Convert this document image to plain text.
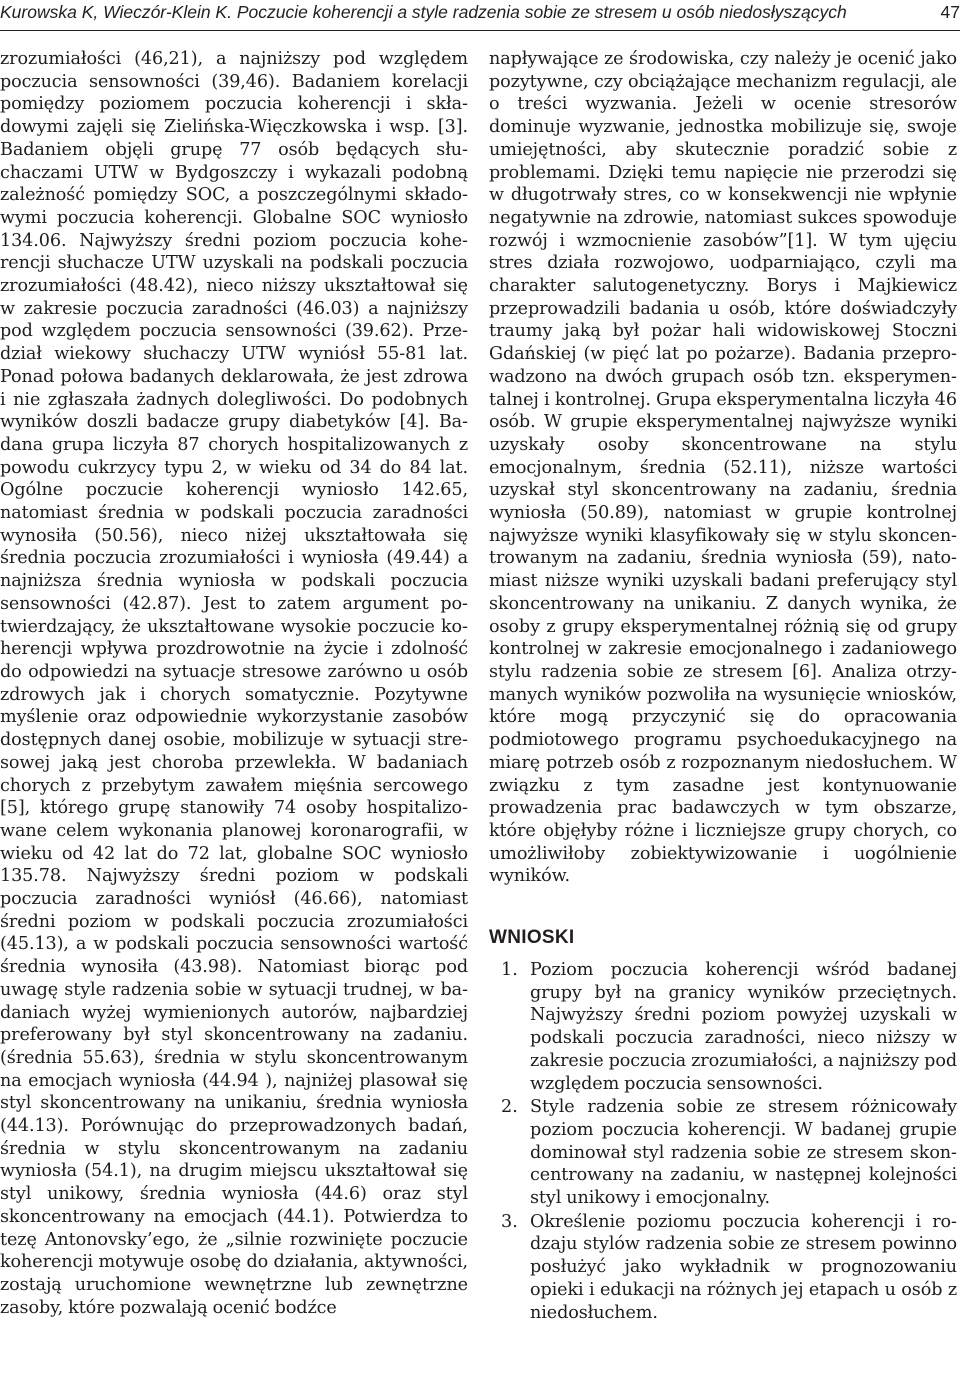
Kurowska K, Wieczór-Klein K. Poczucie koherencji a style radzenia sobie ze stresem u osób niedosłyszących	47

zrozumiałości (46,21), a najniższy pod względem poczucia sensowności (39,46). Badaniem korelacji pomiędzy poziomem poczucia koherencji i składowymi zajęli się Zielińska-Więczkowska i wsp. [3]. Badaniem objęli grupę 77 osób będących słuchaczami UTW w Bydgoszczy i wykazali podobną zależność pomiędzy SOC, a poszczególnymi składowymi poczucia koherencji. Globalne SOC wyniosło 134.06. Najwyższy średni poziom poczucia koherencji słuchacze UTW uzyskali na podskali poczucia zrozumiałości (48.42), nieco niższy ukształtował się w zakresie poczucia zaradności (46.03) a najniższy pod względem poczucia sensowności (39.62). Przedział wiekowy słuchaczy UTW wyniósł 55-81 lat. Ponad połowa badanych deklarowała, że jest zdrowa i nie zgłaszała żadnych dolegliwości. Do podobnych wyników doszli badacze grupy diabetyków [4]. Badana grupa liczyła 87 chorych hospitalizowanych z powodu cukrzycy typu 2, w wieku od 34 do 84 lat. Ogólne poczucie koherencji wyniosło 142.65, natomiast średnia w podskali poczucia zaradności wynosiła (50.56), nieco niżej ukształtowała się średnia poczucia zrozumiałości i wyniosła (49.44) a najniższa średnia wyniosła w podskali poczucia sensowności (42.87). Jest to zatem argument potwierdzający, że ukształtowane wysokie poczucie koherencji wpływa prozdrowotnie na życie i zdolność do odpowiedzi na sytuacje stresowe zarówno u osób zdrowych jak i chorych somatycznie. Pozytywne myślenie oraz odpowiednie wykorzystanie zasobów dostępnych danej osobie, mobilizuje w sytuacji stresowej jaką jest choroba przewlekła. W badaniach chorych z przebytym zawałem mięśnia sercowego [5], którego grupę stanowiły 74 osoby hospitalizowane celem wykonania planowej koronarografii, w wieku od 42 lat do 72 lat, globalne SOC wyniosło 135.78. Najwyższy średni poziom w podskali poczucia zaradności wyniósł (46.66), natomiast średni poziom w podskali poczucia zrozumiałości (45.13), a w podskali poczucia sensowności wartość średnia wynosiła (43.98). Natomiast biorąc pod uwagę style radzenia sobie w sytuacji trudnej, w badaniach wyżej wymienionych autorów, najbardziej preferowany był styl skoncentrowany na zadaniu. (średnia 55.63), średnia w stylu skoncentrowanym na emocjach wyniosła (44.94 ), najniżej plasował się styl skoncentrowany na unikaniu, średnia wyniosła (44.13). Porównując do przeprowadzonych badań, średnia w stylu skoncentrowanym na zadaniu wyniosła (54.1), na drugim miejscu ukształtował się styl unikowy, średnia wyniosła (44.6) oraz styl skoncentrowany na emocjach (44.1). Potwierdza to tezę Antonovsky’ego, że „silnie rozwinięte poczucie koherencji motywuje osobę do działania, aktywności, zostają uruchomione wewnętrzne lub zewnętrzne zasoby, które pozwalają ocenić bodźce

napływające ze środowiska, czy należy je ocenić jako pozytywne, czy obciążające mechanizm regulacji, ale o treści wyzwania. Jeżeli w ocenie stresorów dominuje wyzwanie, jednostka mobilizuje się, swoje umiejętności, aby skutecznie poradzić sobie z problemami. Dzięki temu napięcie nie przerodzi się w długotrwały stres, co w konsekwencji nie wpłynie negatywnie na zdrowie, natomiast sukces spowoduje rozwój i wzmocnienie zasobów”[1]. W tym ujęciu stres działa rozwojowo, uodparniająco, czyli ma charakter salutogenetyczny. Borys i Majkiewicz przeprowadzili badania u osób, które doświadczyły traumy jaką był pożar hali widowiskowej Stoczni Gdańskiej (w pięć lat po pożarze). Badania przeprowadzono na dwóch grupach osób tzn. eksperymentalnej i kontrolnej. Grupa eksperymentalna liczyła 46 osób. W grupie eksperymentalnej najwyższe wyniki uzyskały osoby skoncentrowane na stylu emocjonalnym, średnia (52.11), niższe wartości uzyskał styl skoncentrowany na zadaniu, średnia wyniosła (50.89), natomiast w grupie kontrolnej najwyższe wyniki klasyfikowały się w stylu skoncentrowanym na zadaniu, średnia wyniosła (59), natomiast niższe wyniki uzyskali badani preferujący styl skoncentrowany na unikaniu. Z danych wynika, że osoby z grupy eksperymentalnej różnią się od grupy kontrolnej w zakresie emocjonalnego i zadaniowego stylu radzenia sobie ze stresem [6]. Analiza otrzymanych wyników pozwoliła na wysunięcie wniosków, które mogą przyczynić się do opracowania podmiotowego programu psychoedukacyjnego na miarę potrzeb osób z rozpoznanym niedosłuchem. W związku z tym zasadne jest kontynuowanie prowadzenia prac badawczych w tym obszarze, które objęłyby różne i liczniejsze grupy chorych, co umożliwiłoby zobiektywizowanie i uogólnienie wyników.

WNIOSKI
1. Poziom poczucia koherencji wśród badanej grupy był na granicy wyników przeciętnych. Najwyższy średni poziom powyżej uzyskali w podskali poczucia zaradności, nieco niższy w zakresie poczucia zrozumiałości, a najniższy pod względem poczucia sensowności.

2. Style radzenia sobie ze stresem różnicowały poziom poczucia koherencji. W badanej grupie dominował styl radzenia sobie ze stresem skoncentrowany na zadaniu, w następnej kolejności styl unikowy i emocjonalny.

3. Określenie poziomu poczucia koherencji i rodzaju stylów radzenia sobie ze stresem powinno posłużyć jako wykładnik w prognozowaniu opieki i edukacji na różnych jej etapach u osób z niedosłuchem.
